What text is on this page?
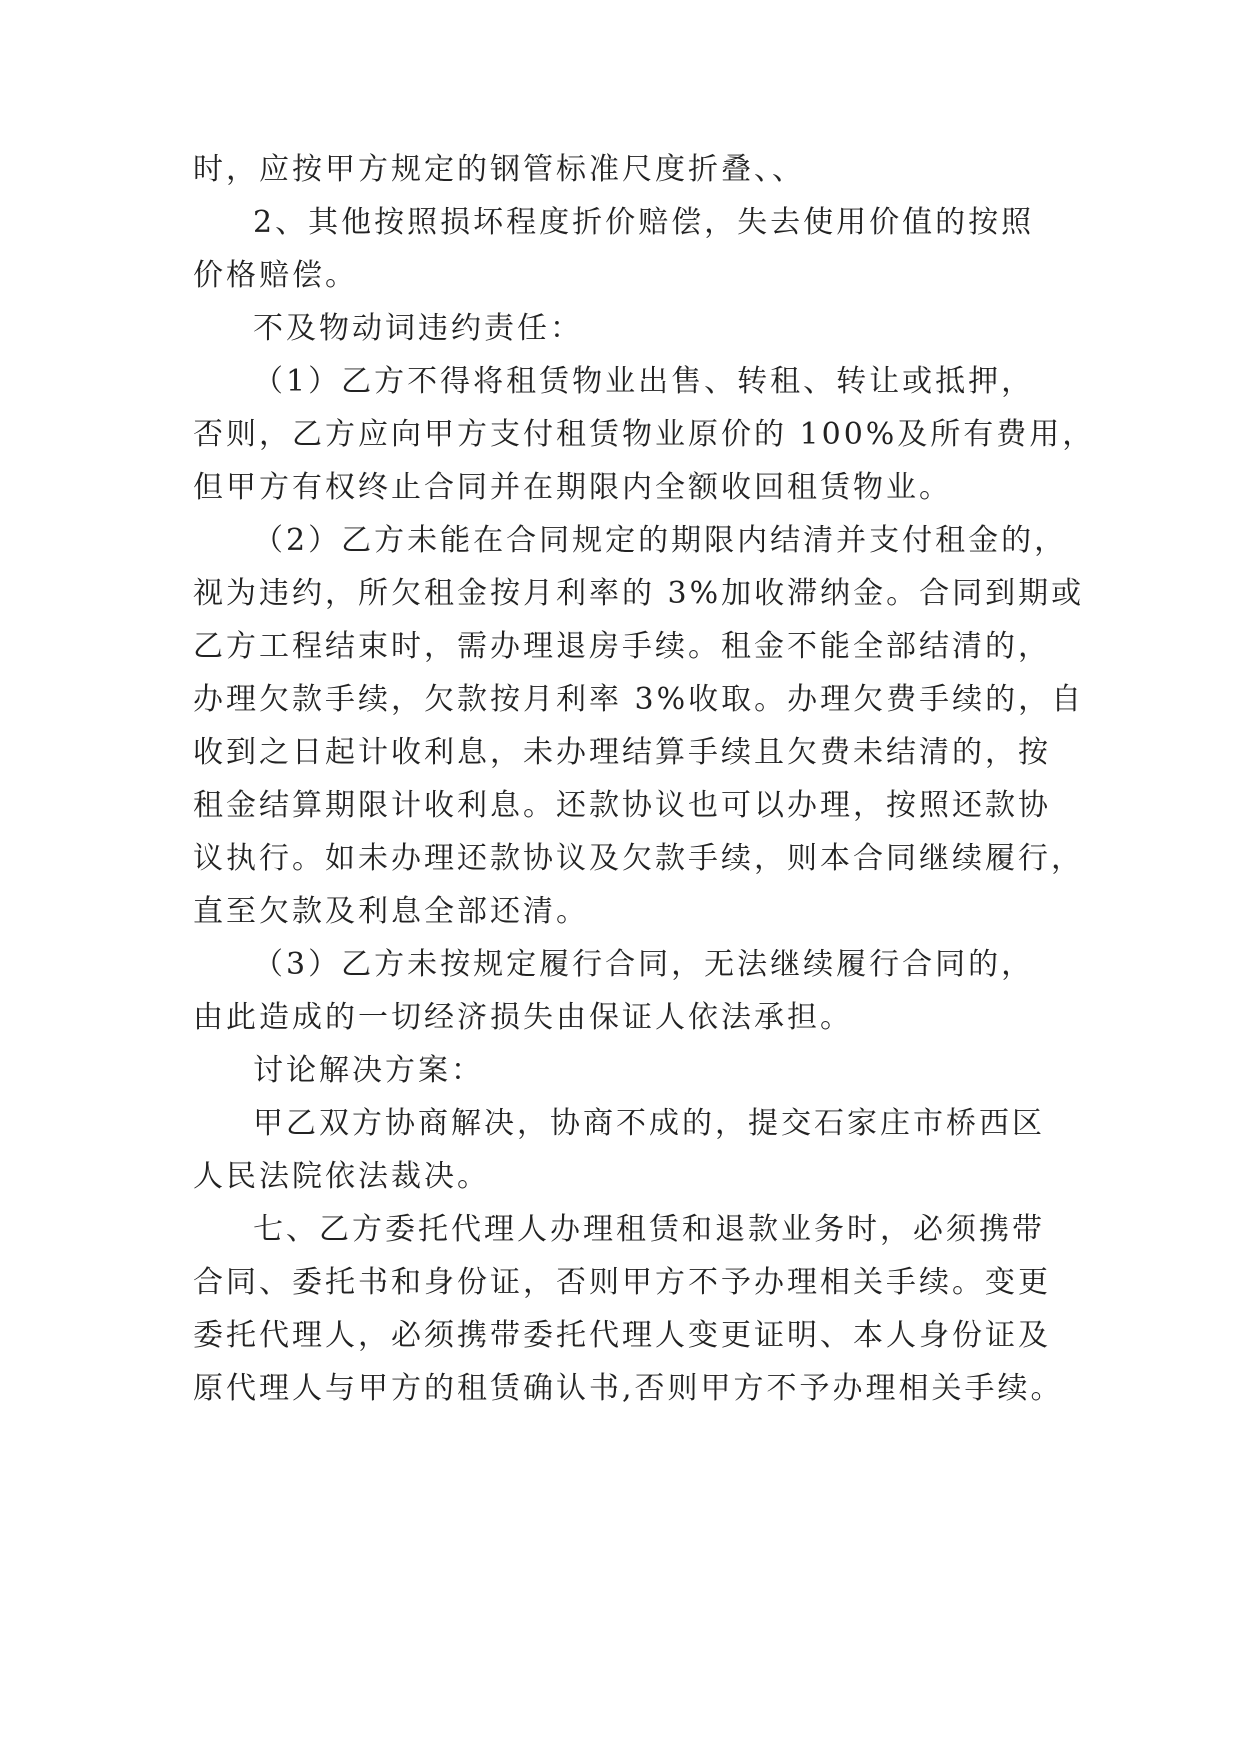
时，应按甲方规定的钢管标准尺度折叠、、
2、其他按照损坏程度折价赔偿，失去使用价值的按照
价格赔偿。
不及物动词违约责任：
（1）乙方不得将租赁物业出售、转租、转让或抵押，
否则，乙方应向甲方支付租赁物业原价的 100%及所有费用，
但甲方有权终止合同并在期限内全额收回租赁物业。
（2）乙方未能在合同规定的期限内结清并支付租金的，
视为违约，所欠租金按月利率的 3%加收滞纳金。合同到期或
乙方工程结束时，需办理退房手续。租金不能全部结清的，
办理欠款手续，欠款按月利率 3%收取。办理欠费手续的，自
收到之日起计收利息，未办理结算手续且欠费未结清的，按
租金结算期限计收利息。还款协议也可以办理，按照还款协
议执行。如未办理还款协议及欠款手续，则本合同继续履行，
直至欠款及利息全部还清。
（3）乙方未按规定履行合同，无法继续履行合同的，
由此造成的一切经济损失由保证人依法承担。
讨论解决方案：
甲乙双方协商解决，协商不成的，提交石家庄市桥西区
人民法院依法裁决。
七、乙方委托代理人办理租赁和退款业务时，必须携带
合同、委托书和身份证，否则甲方不予办理相关手续。变更
委托代理人，必须携带委托代理人变更证明、本人身份证及
原代理人与甲方的租赁确认书,否则甲方不予办理相关手续。
